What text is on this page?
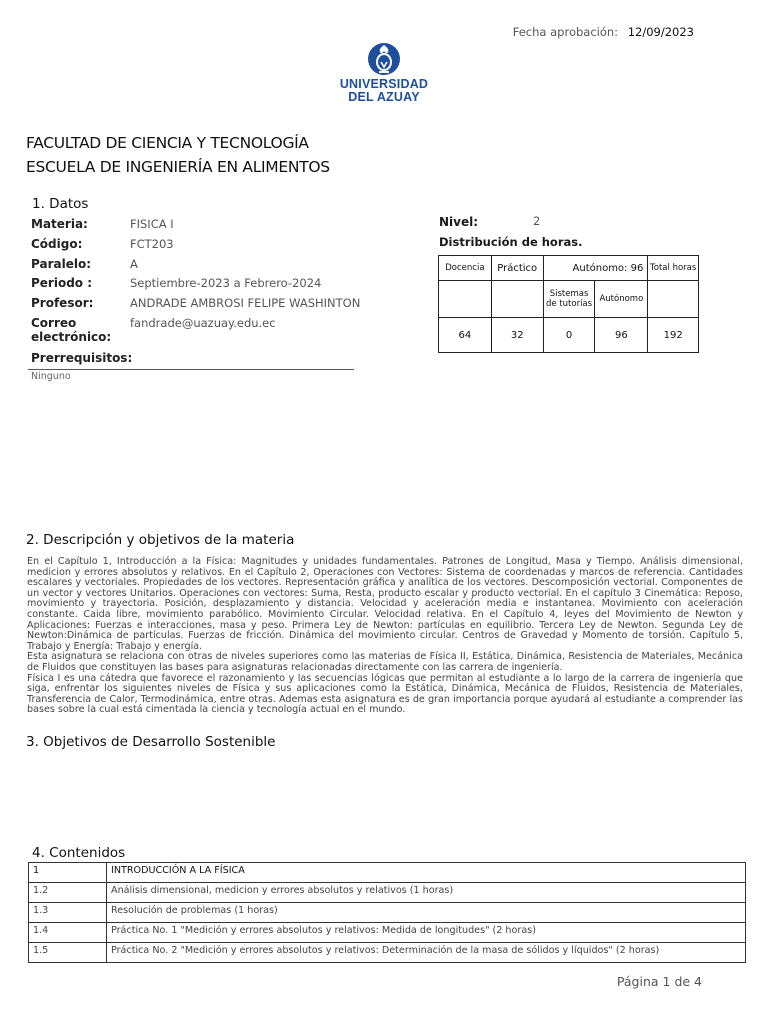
Fecha aprobación: 12/09/2023
UNIVERSIDAD
DEL AZUAY
FACULTAD DE CIENCIA Y TECNOLOGÍA
ESCUELA DE INGENIERÍA EN ALIMENTOS
1. Datos
Materia:	FISICA I
Código:	FCT203
Paralelo:	A
Periodo :	Septiembre-2023 a Febrero-2024
Profesor:	ANDRADE AMBROSI FELIPE WASHINTON
Correo
electrónico:
fandrade@uazuay.edu.ec
Prerrequisitos:
Ninguno
Nivel:	2
Distribución de horas.
Docencia	Práctico	Autónomo: 96		Total horas
		Sistemas de tutorías	Autónomo	
64	32	0	96	192
2. Descripción y objetivos de la materia

En el Capítulo 1, Introducción a la Física: Magnitudes y unidades fundamentales. Patrones de Longitud, Masa y Tiempo. Análisis dimensional, medicion y errores absolutos y relativos. En el Capítulo 2, Operaciones con Vectores: Sistema de coordenadas y marcos de referencia. Cantidades escalares y vectoriales. Propiedades de los vectores. Representación gráfica y analítica de los vectores. Descomposición vectorial. Componentes de un vector y vectores Unitarios. Operaciones con vectores: Suma, Resta, producto escalar y producto vectorial. En el capítulo 3 Cinemática: Reposo, movimiento y trayectoria. Posición, desplazamiento y distancia. Velocidad y aceleración media e instantanea. Movimiento con aceleración constante. Caida libre, movimiento parabólico. Movimiento Circular. Velocidad relativa. En el Capítulo 4, leyes del Movimiento de Newton y Aplicaciones: Fuerzas e interacciones, masa y peso. Primera Ley de Newton: partículas en equilibrio. Tercera Ley de Newton. Segunda Ley de Newton:Dinámica de partículas. Fuerzas de fricción. Dinámica del movimiento circular. Centros de Gravedad y Momento de torsión. Capítulo 5, Trabajo y Energía: Trabajo y energía.

Esta asignatura se relaciona con otras de niveles superiores como las materias de Física II, Estática, Dinámica, Resistencia de Materiales, Mecánica de Fluidos que constituyen las bases para asignaturas relacionadas directamente con las carrera de ingeniería.

Física I es una cátedra que favorece el razonamiento y las secuencias lógicas que permitan al estudiante a lo largo de la carrera de ingeniería que siga, enfrentar los siguientes niveles de Física y sus aplicaciones como la Estática, Dinámica, Mecánica de Fluidos, Resistencia de Materiales, Transferencia de Calor, Termodinámica, entre otras. Ademas esta asignatura es de gran importancia porque ayudará al estudiante a comprender las bases sobre la cual está cimentada la ciencia y tecnología actual en el mundo.

3. Objetivos de Desarrollo Sostenible
4. Contenidos
1	INTRODUCCIÓN A LA FÍSICA
1.2	Análisis dimensional, medicion y errores absolutos y relativos (1 horas)
1.3	Resolución de problemas (1 horas)
1.4	Práctica No. 1 "Medición y errores absolutos y relativos: Medida de longitudes" (2 horas)
1.5	Práctica No. 2 "Medición y errores absolutos y relativos: Determinación de la masa de sólidos y líquidos" (2 horas)
Página 1 de 4
